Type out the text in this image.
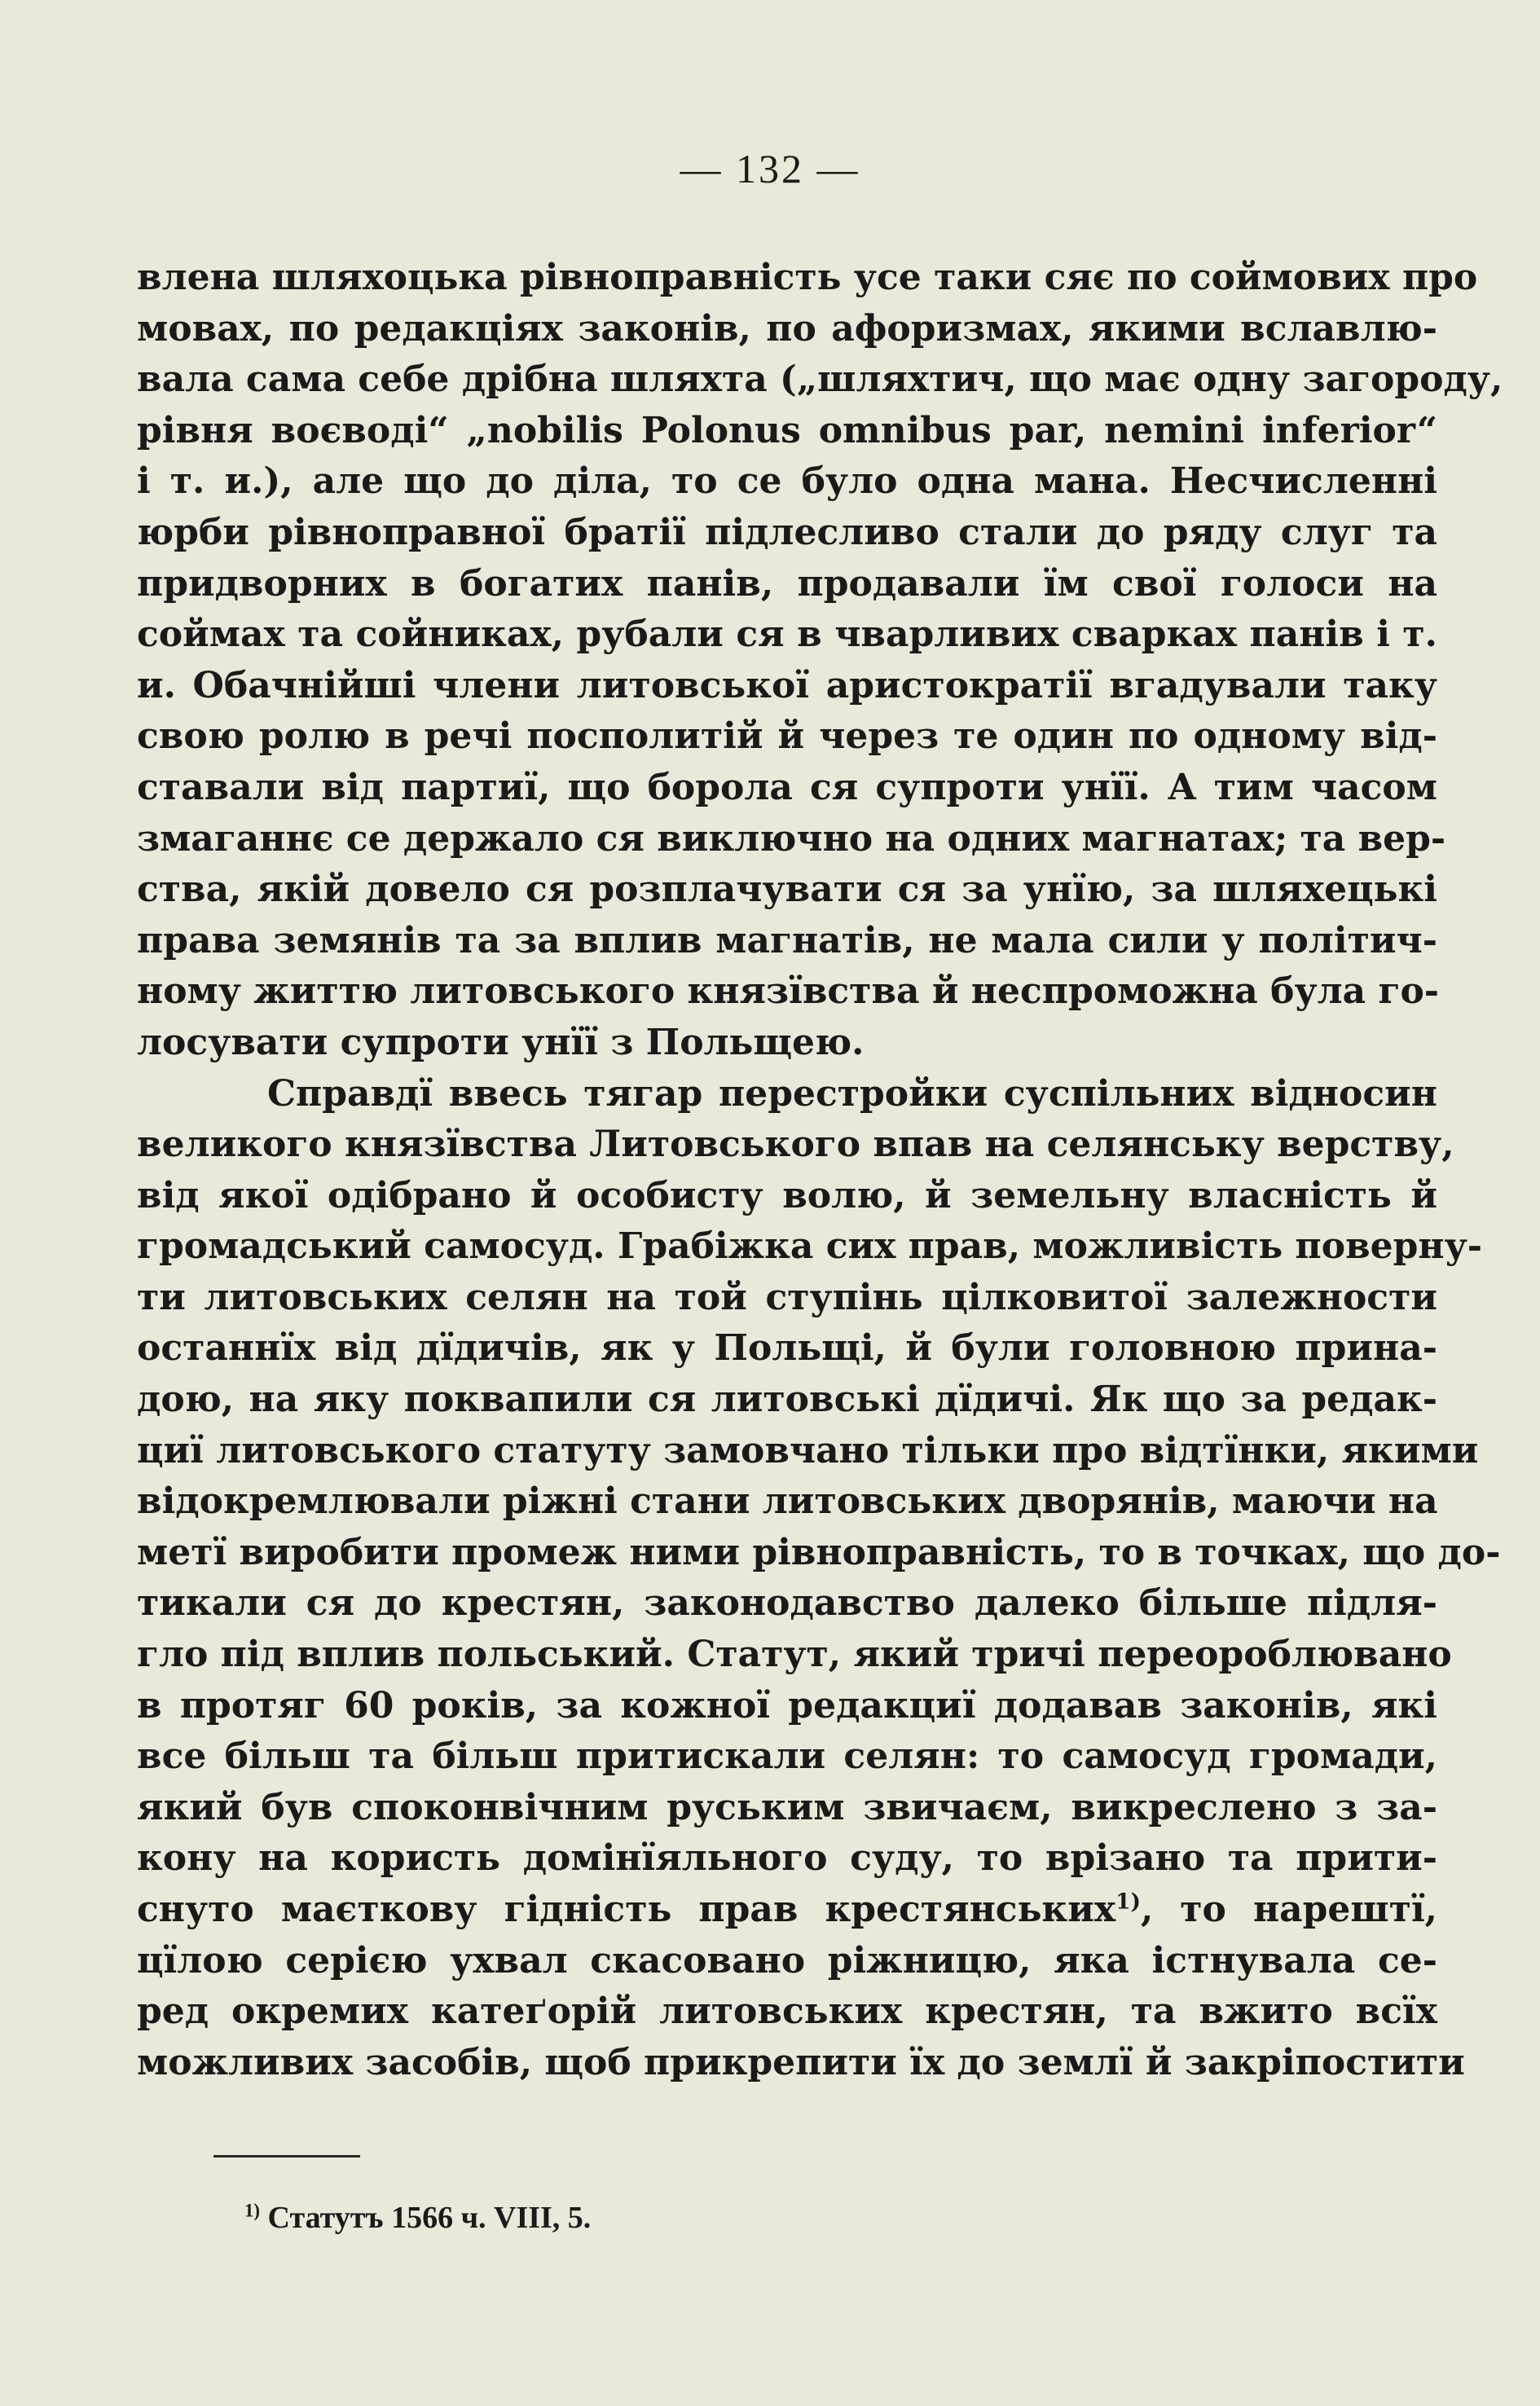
— 132 —
влена шляхоцька рівноправність усе таки сяє по соймових про
мовах, по редакціях законів, по афоризмах, якими вславлю-
вала сама себе дрібна шляхта („шляхтич, що має одну загороду,
рівня воєводі“ „nobilis Polonus omnibus par, nemini inferior“
і т. и.), але що до ділa, то се було одна мана. Несчисленні
юрби рівноправної братії підлесливо стали до ряду слуг та
придворних в богатих панів, продавали їм свої голоси на
соймах та сойниках, рубали ся в чварливих сварках панів і т.
и. Обачнійші члени литовської аристократії вгадували таку
свою ролю в речі посполитій й через те один по одному від-
ставали від партиї, що борола ся супроти унїї. А тим часом
змаганнє се держало ся виключно на одних магнатах; та вер-
ства, якій довело ся розплачувати ся за унїю, за шляхецькі
права земянів та за вплив магнатів, не мала сили у політич-
ному життю литовського князївства й неспроможна була го-
лосувати супроти унїї з Польщею.
Справдї ввесь тягар перестройки суспільних відносин
великого князївства Литовського впав на селянську верству,
від якої одібрано й особисту волю, й земельну власність й
громадський самосуд. Грабіжка сих прав, можливість поверну-
ти литовських селян на той ступінь цілковитої залежности
останнїх від дїдичів, як у Польщі, й були головною прина-
дою, на яку поквапили ся литовські дїдичі. Як що за редак-
циї литовського статуту замовчано тільки про відтїнки, якими
відокремлювали ріжні стани литовських дворянів, маючи на
метї виробити промеж ними рівноправність, то в точках, що до-
тикали ся до крестян, законодавство далеко більше підля-
гло під вплив польський. Статут, який тричі переороблювано
в протяг 60 років, за кожної редакциї додавав законів, які
все більш та більш притискали селян: то самосуд громади,
який був споконвічним руським звичаєм, викреслено з за-
кону на користь домінїяльного суду, то врізано та прити-
снуто маєткову гідність прав крестянських$^{1)}$, то нарештї,
цїлою серією ухвал скасовано ріжницю, яка істнувала се-
ред окремих катеґорій литовських крестян, та вжито всїх
можливих засобів, щоб прикрепити їх до землї й закріпостити
$^{1)}$ Статутъ 1566 ч. VIII, 5.
